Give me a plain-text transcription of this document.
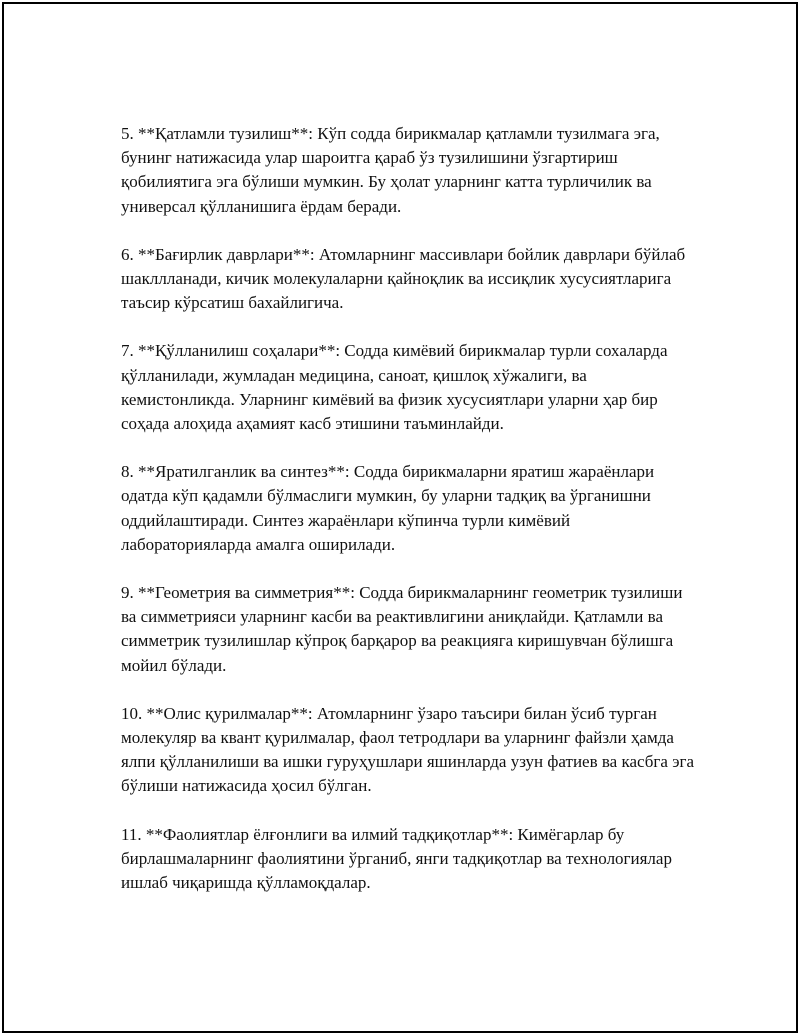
5. **Қатламли тузилиш**: Кўп содда бирикмалар қатламли тузилмага эга, бунинг натижасида улар шароитга қараб ўз тузилишини ўзгартириш қобилиятига эга бўлиши мумкин. Бу ҳолат уларнинг катта турличилик ва универсал қўлланишига ёрдам беради.

6. **Бағирлик даврлари**: Атомларнинг массивлари бойлик даврлари бўйлаб шакллланади, кичик молекулаларни қайноқлик ва иссиқлик хусусиятларига таъсир кўрсатиш бахайлигича.

7. **Қўлланилиш соҳалари**: Содда кимёвий бирикмалар турли сохаларда қўлланилади, жумладан медицина, саноат, қишлоқ хўжалиги, ва кемистонликда. Уларнинг кимёвий ва физик хусусиятлари уларни ҳар бир соҳада алоҳида аҳамият касб этишини таъминлайди.

8. **Яратилганлик ва синтез**: Содда бирикмаларни яратиш жараёнлари одатда кўп қадамли бўлмаслиги мумкин, бу уларни тадқиқ ва ўрганишни оддийлаштиради. Синтез жараёнлари кўпинча турли кимёвий лабораторияларда амалга оширилади.

9. **Геометрия ва симметрия**: Содда бирикмаларнинг геометрик тузилиши ва симметрияси уларнинг касби ва реактивлигини аниқлайди. Қатламли ва симметрик тузилишлар кўпроқ барқарор ва реакцияга киришувчан бўлишга мойил бўлади.

10. **Олис қурилмалар**: Атомларнинг ўзаро таъсири билан ўсиб турган молекуляр ва квант қурилмалар, фаол тетродлари ва уларнинг файзли ҳамда ялпи қўлланилиши ва ишки гуруҳушлари яшинларда узун фатиев ва касбга эга бўлиши натижасида ҳосил бўлган.

11. **Фаолиятлар ёлғонлиги ва илмий тадқиқотлар**: Кимёгарлар бу бирлашмаларнинг фаолиятини ўрганиб, янги тадқиқотлар ва технологиялар ишлаб чиқаришда қўлламоқдалар.
